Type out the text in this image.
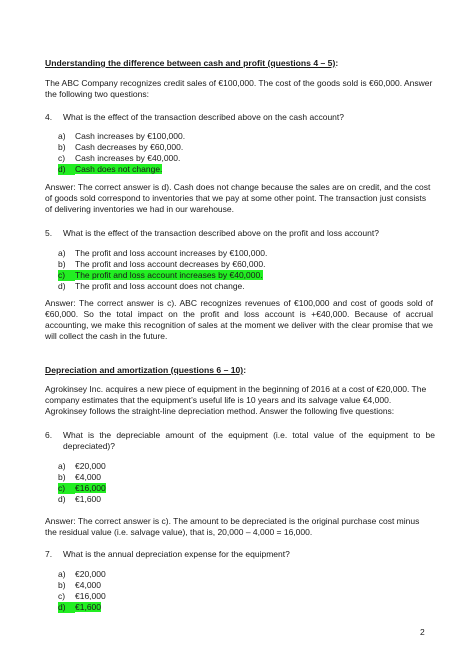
Understanding the difference between cash and profit (questions 4 – 5):

The ABC Company recognizes credit sales of €100,000. The cost of the goods sold is €60,000. Answer the following two questions:

4. What is the effect of the transaction described above on the cash account?
a) Cash increases by €100,000.
b) Cash decreases by €60,000.
c) Cash increases by €40,000.
d) Cash does not change.

Answer: The correct answer is d). Cash does not change because the sales are on credit, and the cost of goods sold correspond to inventories that we pay at some other point. The transaction just consists of delivering inventories we had in our warehouse.

5. What is the effect of the transaction described above on the profit and loss account?
a) The profit and loss account increases by €100,000.
b) The profit and loss account decreases by €60,000.
c) The profit and loss account increases by €40,000.
d) The profit and loss account does not change.

Answer: The correct answer is c). ABC recognizes revenues of €100,000 and cost of goods sold of €60,000. So the total impact on the profit and loss account is +€40,000. Because of accrual accounting, we make this recognition of sales at the moment we deliver with the clear promise that we will collect the cash in the future.

Depreciation and amortization (questions 6 – 10):

Agrokinsey Inc. acquires a new piece of equipment in the beginning of 2016 at a cost of €20,000. The company estimates that the equipment’s useful life is 10 years and its salvage value €4,000. Agrokinsey follows the straight-line depreciation method. Answer the following five questions:

6. What is the depreciable amount of the equipment (i.e. total value of the equipment to be depreciated)?
a) €20,000
b) €4,000
c) €16,000
d) €1,600

Answer: The correct answer is c). The amount to be depreciated is the original purchase cost minus the residual value (i.e. salvage value), that is, 20,000 – 4,000 = 16,000.

7. What is the annual depreciation expense for the equipment?
a) €20,000
b) €4,000
c) €16,000
d) €1,600
2
